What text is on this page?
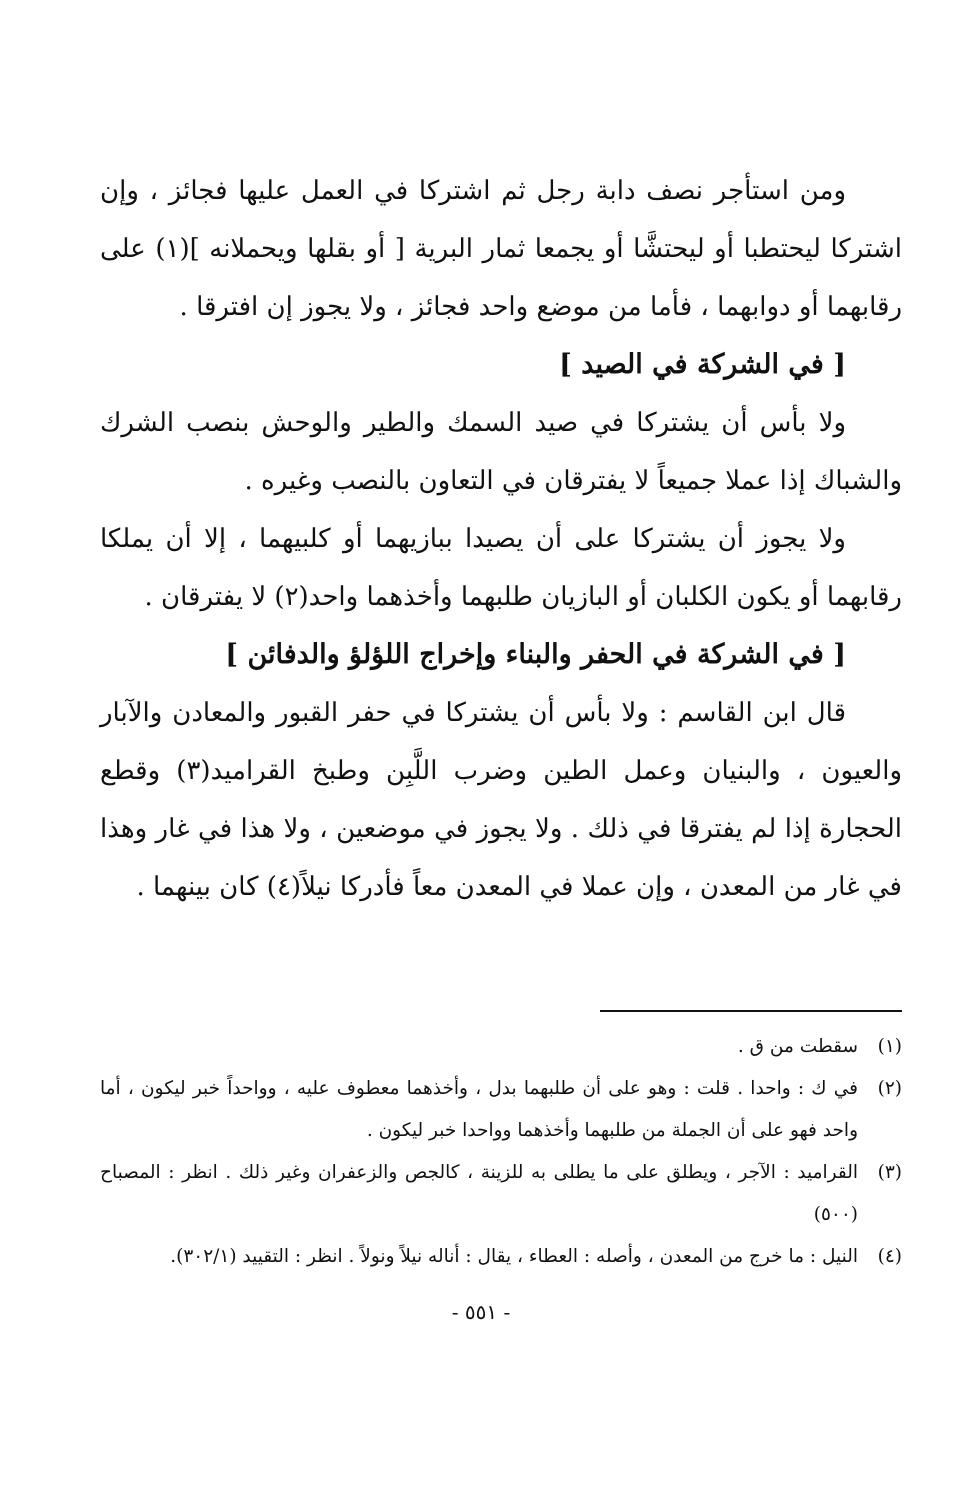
ومن استأجر نصف دابة رجل ثم اشتركا في العمل عليها فجائز ، وإن اشتركا ليحتطبا أو ليحتشَّا أو يجمعا ثمار البرية [ أو بقلها ويحملانه ](١) على رقابهما أو دوابهما ، فأما من موضع واحد فجائز ، ولا يجوز إن افترقا .

[ في الشركة في الصيد ]

ولا بأس أن يشتركا في صيد السمك والطير والوحش بنصب الشرك والشباك إذا عملا جميعاً لا يفترقان في التعاون بالنصب وغيره .

ولا يجوز أن يشتركا على أن يصيدا ببازيهما أو كلبيهما ، إلا أن يملكا رقابهما أو يكون الكلبان أو البازيان طلبهما وأخذهما واحد(٢) لا يفترقان .

[ في الشركة في الحفر والبناء وإخراج اللؤلؤ والدفائن ]

قال ابن القاسم : ولا بأس أن يشتركا في حفر القبور والمعادن والآبار والعيون ، والبنيان وعمل الطين وضرب اللَّبِن وطبخ القراميد(٣) وقطع الحجارة إذا لم يفترقا في ذلك . ولا يجوز في موضعين ، ولا هذا في غار وهذا في غار من المعدن ، وإن عملا في المعدن معاً فأدركا نيلاً(٤) كان بينهما .

(١)
سقطت من ق .
(٢)
في ك : واحدا . قلت : وهو على أن طلبهما بدل ، وأخذهما معطوف عليه ، وواحداً خبر ليكون ، أما واحد فهو على أن الجملة من طلبهما وأخذهما وواحدا خبر ليكون .
(٣)
القراميد : الآجر ، ويطلق على ما يطلى به للزينة ، كالجص والزعفران وغير ذلك . انظر : المصباح (٥٠٠)
(٤)
النيل : ما خرج من المعدن ، وأصله : العطاء ، يقال : أناله نيلاً ونولاً . انظر : التقييد (٣٠٢/١).
- ٥٥١ -
